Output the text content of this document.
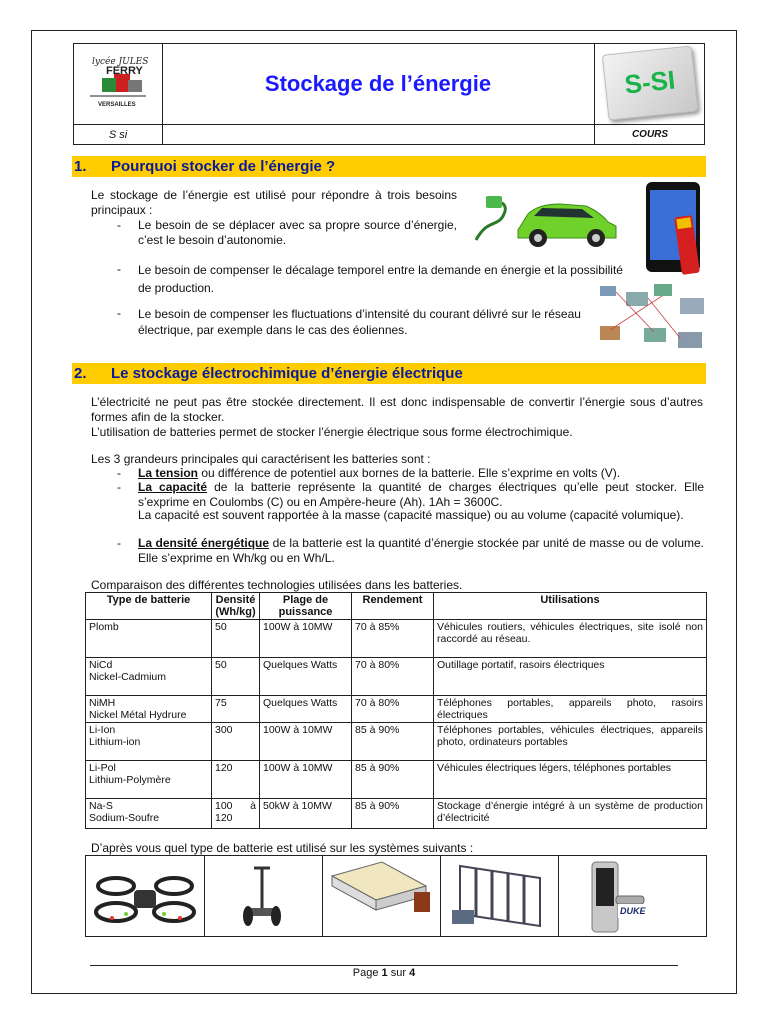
lycée JULES
FERRY
VERSAILLES
Stockage de l’énergie	S-SI
S si	COURS
1. Pourquoi stocker de l’énergie ?
Le stockage de l’énergie est utilisé pour répondre à trois besoins principaux :
- Le besoin de se déplacer avec sa propre source d’énergie, c’est le besoin d’autonomie.
- Le besoin de compenser le décalage temporel entre la demande en énergie et la possibilité de production.
- Le besoin de compenser les fluctuations d’intensité du courant délivré sur le réseau électrique, par exemple dans le cas des éoliennes.
2. Le stockage électrochimique d’énergie électrique
L’électricité ne peut pas être stockée directement. Il est donc indispensable de convertir l’énergie sous d’autres formes afin de la stocker.
L’utilisation de batteries permet de stocker l’énergie électrique sous forme électrochimique.
Les 3 grandeurs principales qui caractérisent les batteries sont :
- La tension ou différence de potentiel aux bornes de la batterie. Elle s’exprime en volts (V).
- La capacité de la batterie représente la quantité de charges électriques qu’elle peut stocker. Elle s’exprime en Coulombs (C) ou en Ampère-heure (Ah). 1Ah = 3600C.
La capacité est souvent rapportée à la masse (capacité massique) ou au volume (capacité volumique).
- La densité énergétique de la batterie est la quantité d’énergie stockée par unité de masse ou de volume. Elle s’exprime en Wh/kg ou en Wh/L.
Comparaison des différentes technologies utilisées dans les batteries.
Type de batterie	Densité (Wh/kg)	Plage de puissance	Rendement	Utilisations

Plomb	50	100W à 10MW	70 à 85%	Véhicules routiers, véhicules électriques, site isolé non raccordé au réseau.

NiCd
Nickel-Cadmium	50	Quelques Watts	70 à 80%	Outillage portatif, rasoirs électriques

NiMH
Nickel Métal Hydrure	75	Quelques Watts	70 à 80%	Téléphones portables, appareils photo, rasoirs électriques

Li-Ion
Lithium-ion	300	100W à 10MW	85 à 90%	Téléphones portables, véhicules électriques, appareils photo, ordinateurs portables

Li-Pol
Lithium-Polymère	120	100W à 10MW	85 à 90%	Véhicules électriques légers, téléphones portables

Na-S
Sodium-Soufre	100 à 120	50kW à 10MW	85 à 90%	Stockage d’énergie intégré à un système de production d’électricité
D’après vous quel type de batterie est utilisé sur les systèmes suivants :
DUKE
Page 1 sur 4
